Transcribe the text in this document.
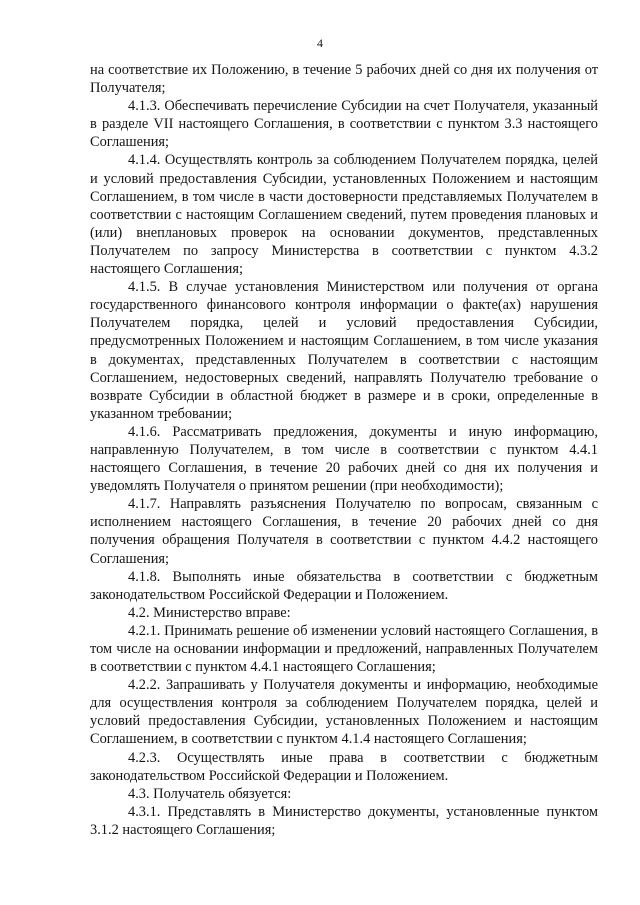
4

на соответствие их Положению, в течение 5 рабочих дней со дня их получения от Получателя;

4.1.3. Обеспечивать перечисление Субсидии на счет Получателя, указанный в разделе VII настоящего Соглашения, в соответствии с пунктом 3.3 настоящего Соглашения;

4.1.4. Осуществлять контроль за соблюдением Получателем порядка, целей и условий предоставления Субсидии, установленных Положением и настоящим Соглашением, в том числе в части достоверности представляемых Получателем в соответствии с настоящим Соглашением сведений, путем проведения плановых и (или) внеплановых проверок на основании документов, представленных Получателем по запросу Министерства в соответствии с пунктом 4.3.2 настоящего Соглашения;

4.1.5. В случае установления Министерством или получения от органа государственного финансового контроля информации о факте(ах) нарушения Получателем порядка, целей и условий предоставления Субсидии, предусмотренных Положением и настоящим Соглашением, в том числе указания в документах, представленных Получателем в соответствии с настоящим Соглашением, недостоверных сведений, направлять Получателю требование о возврате Субсидии в областной бюджет в размере и в сроки, определенные в указанном требовании;

4.1.6. Рассматривать предложения, документы и иную информацию, направленную Получателем, в том числе в соответствии с пунктом 4.4.1 настоящего Соглашения, в течение 20 рабочих дней со дня их получения и уведомлять Получателя о принятом решении (при необходимости);

4.1.7. Направлять разъяснения Получателю по вопросам, связанным с исполнением настоящего Соглашения, в течение 20 рабочих дней со дня получения обращения Получателя в соответствии с пунктом 4.4.2 настоящего Соглашения;

4.1.8. Выполнять иные обязательства в соответствии с бюджетным законодательством Российской Федерации и Положением.

4.2. Министерство вправе:

4.2.1. Принимать решение об изменении условий настоящего Соглашения, в том числе на основании информации и предложений, направленных Получателем в соответствии с пунктом 4.4.1 настоящего Соглашения;

4.2.2. Запрашивать у Получателя документы и информацию, необходимые для осуществления контроля за соблюдением Получателем порядка, целей и условий предоставления Субсидии, установленных Положением и настоящим Соглашением, в соответствии с пунктом 4.1.4 настоящего Соглашения;

4.2.3. Осуществлять иные права в соответствии с бюджетным законодательством Российской Федерации и Положением.

4.3. Получатель обязуется:

4.3.1. Представлять в Министерство документы, установленные пунктом 3.1.2 настоящего Соглашения;
